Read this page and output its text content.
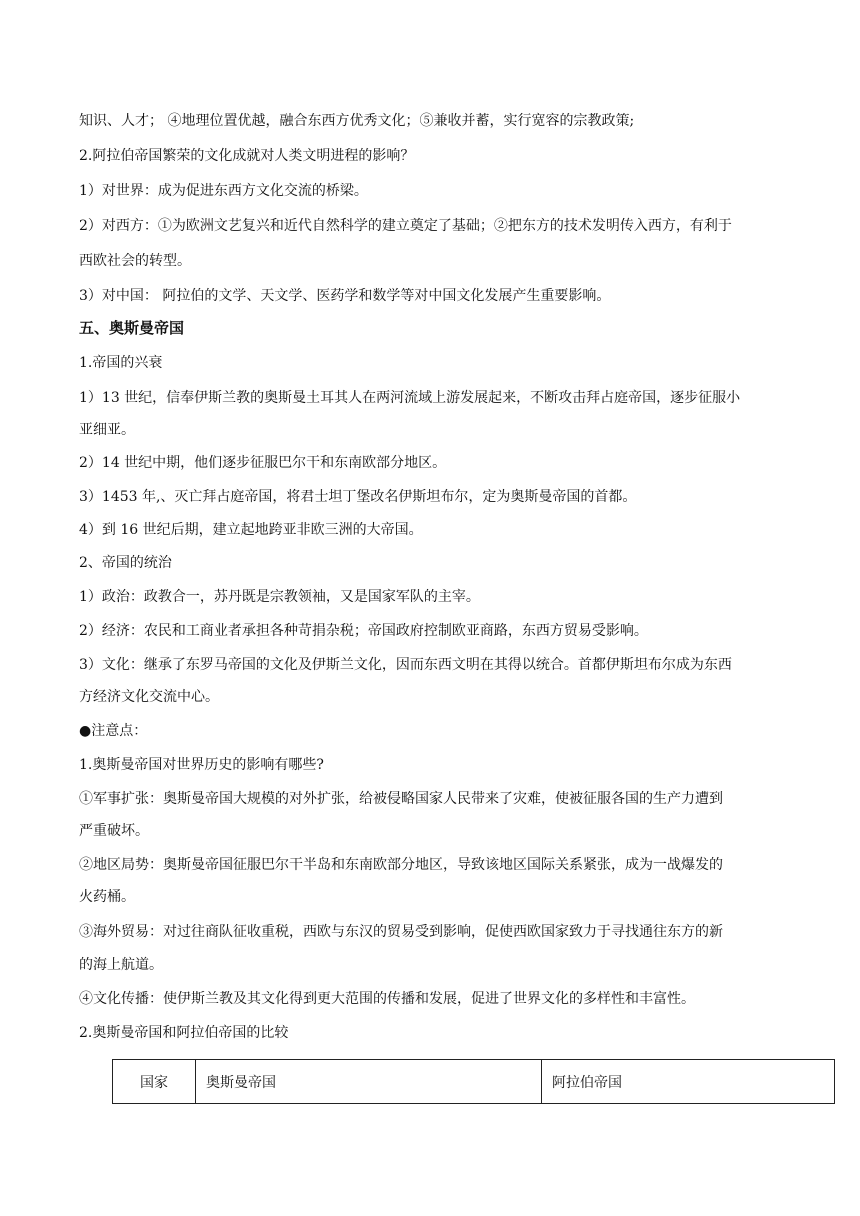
知识、人才； ④地理位置优越，融合东西方优秀文化；⑤兼收并蓄，实行宽容的宗教政策;
2.阿拉伯帝国繁荣的文化成就对人类文明进程的影响？
1）对世界：成为促进东西方文化交流的桥梁。
2）对西方：①为欧洲文艺复兴和近代自然科学的建立奠定了基础；②把东方的技术发明传入西方，有利于
西欧社会的转型。
3）对中国： 阿拉伯的文学、天文学、医药学和数学等对中国文化发展产生重要影响。
五、奥斯曼帝国
1.帝国的兴衰
1）13 世纪，信奉伊斯兰教的奥斯曼土耳其人在两河流域上游发展起来，不断攻击拜占庭帝国，逐步征服小
亚细亚。
2）14 世纪中期，他们逐步征服巴尔干和东南欧部分地区。
3）1453 年,、灭亡拜占庭帝国，将君士坦丁堡改名伊斯坦布尔，定为奥斯曼帝国的首都。
4）到 16 世纪后期，建立起地跨亚非欧三洲的大帝国。
2、帝国的统治
1）政治：政教合一，苏丹既是宗教领袖，又是国家军队的主宰。
2）经济：农民和工商业者承担各种苛捐杂税；帝国政府控制欧亚商路，东西方贸易受影响。
3）文化：继承了东罗马帝国的文化及伊斯兰文化，因而东西文明在其得以统合。首都伊斯坦布尔成为东西
方经济文化交流中心。
●注意点：
1.奥斯曼帝国对世界历史的影响有哪些?
①军事扩张：奥斯曼帝国大规模的对外扩张，给被侵略国家人民带来了灾难，使被征服各国的生产力遭到
严重破坏。
②地区局势：奥斯曼帝国征服巴尔干半岛和东南欧部分地区，导致该地区国际关系紧张，成为一战爆发的
火药桶。
③海外贸易：对过往商队征收重税，西欧与东汉的贸易受到影响，促使西欧国家致力于寻找通往东方的新
的海上航道。
④文化传播：使伊斯兰教及其文化得到更大范围的传播和发展，促进了世界文化的多样性和丰富性。
2.奥斯曼帝国和阿拉伯帝国的比较
国家	奥斯曼帝国	阿拉伯帝国
